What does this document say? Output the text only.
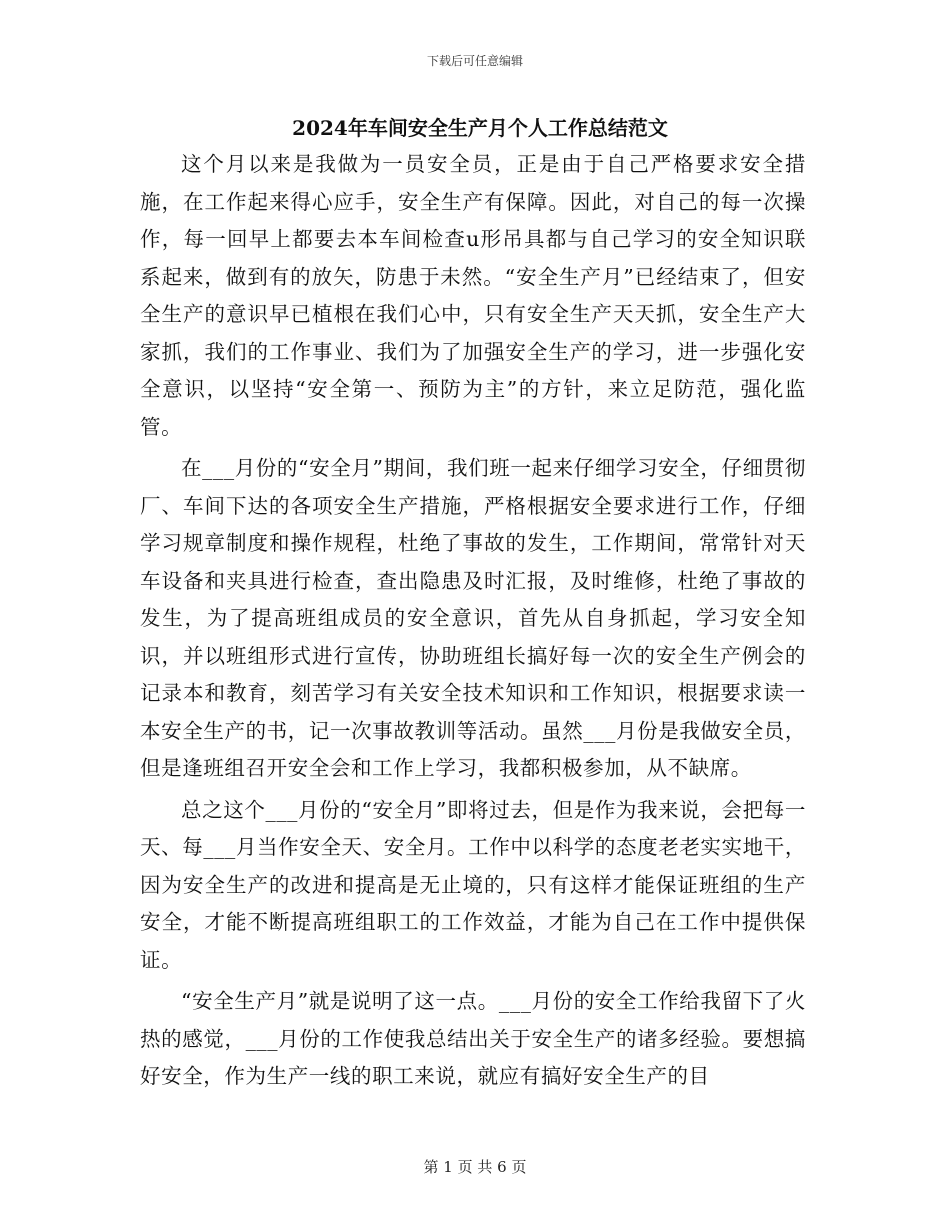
下载后可任意编辑
2024年车间安全生产月个人工作总结范文

这个月以来是我做为一员安全员，正是由于自己严格要求安全措施，在工作起来得心应手，安全生产有保障。因此，对自己的每一次操作，每一回早上都要去本车间检查u形吊具都与自己学习的安全知识联系起来，做到有的放矢，防患于未然。“安全生产月”已经结束了，但安全生产的意识早已植根在我们心中，只有安全生产天天抓，安全生产大家抓，我们的工作事业、我们为了加强安全生产的学习，进一步强化安全意识，以坚持“安全第一、预防为主”的方针，来立足防范，强化监管。

在___月份的“安全月”期间，我们班一起来仔细学习安全，仔细贯彻厂、车间下达的各项安全生产措施，严格根据安全要求进行工作，仔细学习规章制度和操作规程，杜绝了事故的发生，工作期间，常常针对天车设备和夹具进行检查，查出隐患及时汇报，及时维修，杜绝了事故的发生，为了提高班组成员的安全意识，首先从自身抓起，学习安全知识，并以班组形式进行宣传，协助班组长搞好每一次的安全生产例会的记录本和教育，刻苦学习有关安全技术知识和工作知识，根据要求读一本安全生产的书，记一次事故教训等活动。虽然___月份是我做安全员，但是逢班组召开安全会和工作上学习，我都积极参加，从不缺席。

总之这个___月份的“安全月”即将过去，但是作为我来说，会把每一天、每___月当作安全天、安全月。工作中以科学的态度老老实实地干，因为安全生产的改进和提高是无止境的，只有这样才能保证班组的生产安全，才能不断提高班组职工的工作效益，才能为自己在工作中提供保证。

“安全生产月”就是说明了这一点。___月份的安全工作给我留下了火热的感觉，___月份的工作使我总结出关于安全生产的诸多经验。要想搞好安全，作为生产一线的职工来说，就应有搞好安全生产的目

第 1 页 共 6 页
